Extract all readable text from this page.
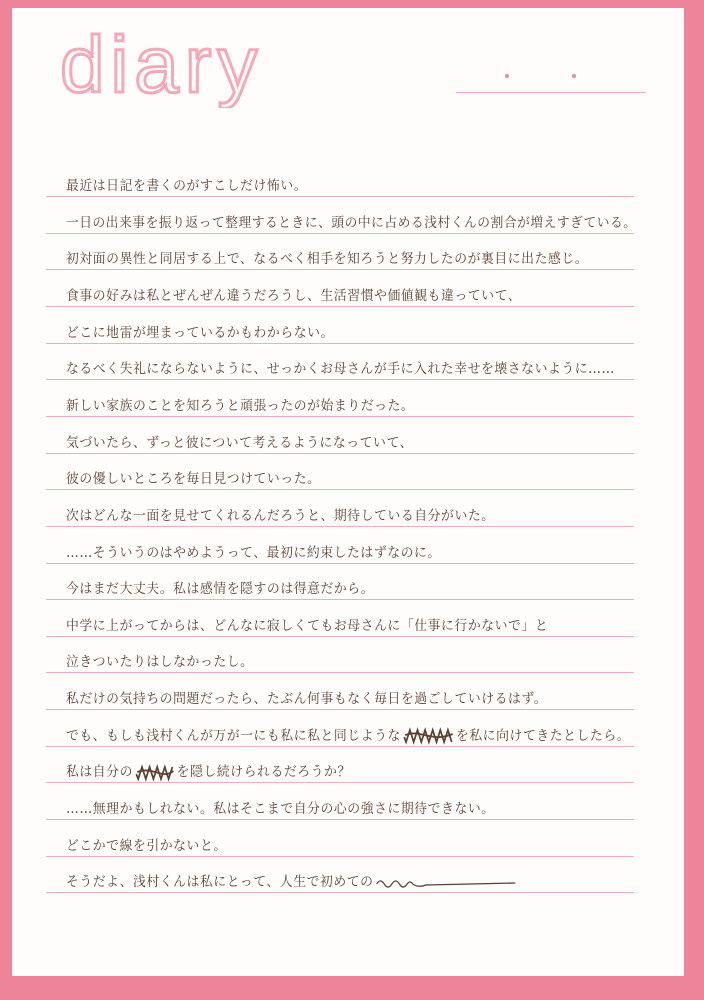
diary
最近は日記を書くのがすこしだけ怖い。
一日の出来事を振り返って整理するときに、頭の中に占める浅村くんの割合が増えすぎている。
初対面の異性と同居する上で、なるべく相手を知ろうと努力したのが裏目に出た感じ。
食事の好みは私とぜんぜん違うだろうし、生活習慣や価値観も違っていて、
どこに地雷が埋まっているかもわからない。
なるべく失礼にならないように、せっかくお母さんが手に入れた幸せを壊さないように……
新しい家族のことを知ろうと頑張ったのが始まりだった。
気づいたら、ずっと彼について考えるようになっていて、
彼の優しいところを毎日見つけていった。
次はどんな一面を見せてくれるんだろうと、期待している自分がいた。
……そういうのはやめようって、最初に約束したはずなのに。
今はまだ大丈夫。私は感情を隠すのは得意だから。
中学に上がってからは、どんなに寂しくてもお母さんに「仕事に行かないで」と
泣きついたりはしなかったし。
私だけの気持ちの問題だったら、たぶん何事もなく毎日を過ごしていけるはず。
でも、もしも浅村くんが万が一にも私に私と同じような	を私に向けてきたとしたら。
私は自分の	を隠し続けられるだろうか？
……無理かもしれない。私はそこまで自分の心の強さに期待できない。
どこかで線を引かないと。
そうだよ、浅村くんは私にとって、人生で初めての
